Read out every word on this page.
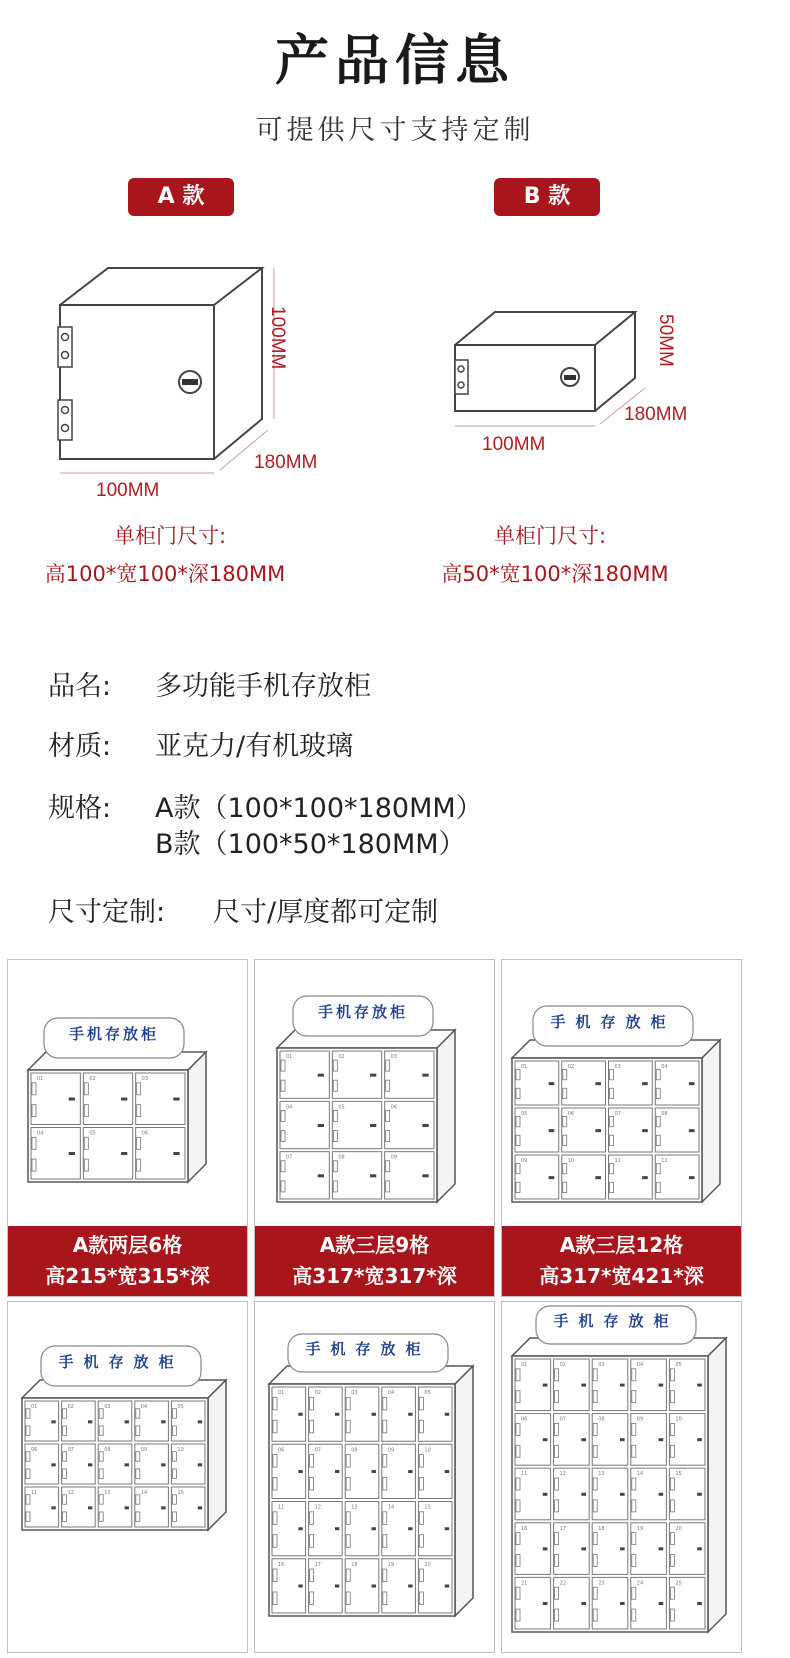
产品信息
可提供尺寸支持定制
A 款	B 款
100MM
180MM
100MM
单柜门尺寸:
高100*宽100*深180MM
50MM
180MM
100MM
单柜门尺寸:
高50*宽100*深180MM
品名: 多功能手机存放柜
材质: 亚克力/有机玻璃
规格: A款（100*100*180MM）
B款（100*50*180MM）
尺寸定制: 尺寸/厚度都可定制
手机存放柜
01	02	03
04	05	06
A款两层6格
高215*宽315*深
手机存放柜
01	02	03
04	05	06
07	08	09
A款三层9格
高317*宽317*深
手机存放柜
01	02	03	04
05	06	07	08
09	10	11	12
A款三层12格
高317*宽421*深
手机存放柜
01	02	03	04	05
06	07	08	09	10
11	12	13	14	15
手机存放柜
01	02	03	04	05
06	07	08	09	10
11	12	13	14	15
16	17	18	19	20
手机存放柜
01	02	03	04	05
06	07	08	09	10
11	12	13	14	15
16	17	18	19	20
21	22	23	24	25
